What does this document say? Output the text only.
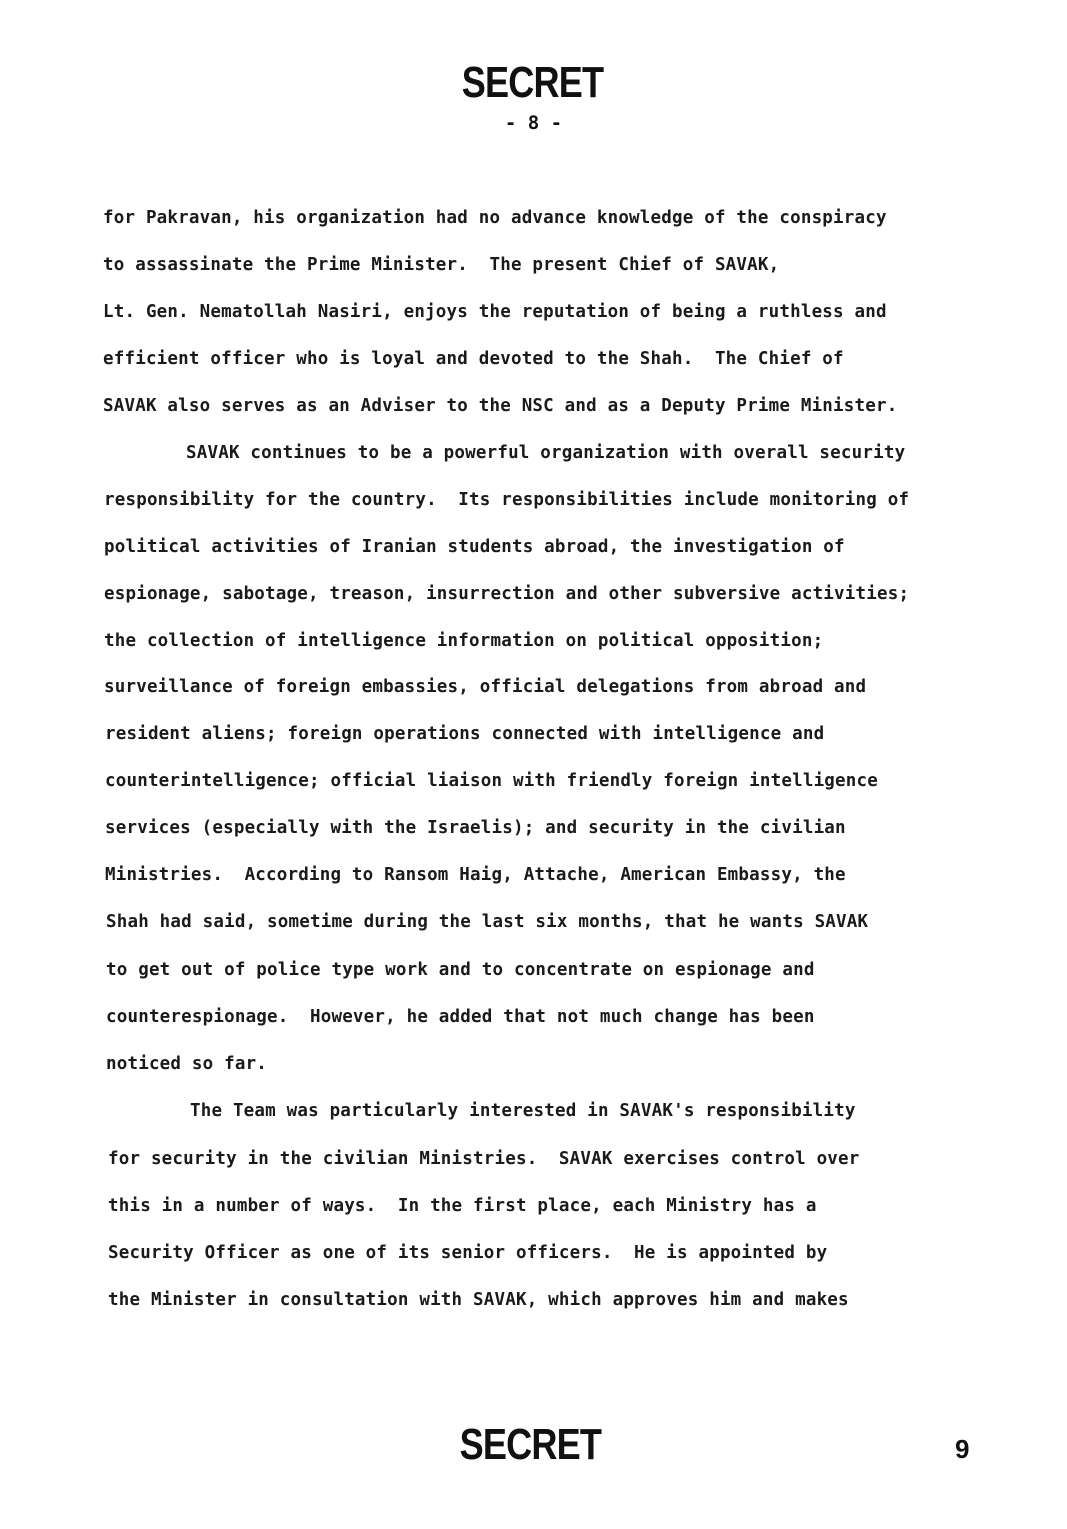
SECRET
- 8 -
for Pakravan, his organization had no advance knowledge of the conspiracy
to assassinate the Prime Minister.  The present Chief of SAVAK,
Lt. Gen. Nematollah Nasiri, enjoys the reputation of being a ruthless and
efficient officer who is loyal and devoted to the Shah.  The Chief of
SAVAK also serves as an Adviser to the NSC and as a Deputy Prime Minister.
SAVAK continues to be a powerful organization with overall security
responsibility for the country.  Its responsibilities include monitoring of
political activities of Iranian students abroad, the investigation of
espionage, sabotage, treason, insurrection and other subversive activities;
the collection of intelligence information on political opposition;
surveillance of foreign embassies, official delegations from abroad and
resident aliens; foreign operations connected with intelligence and
counterintelligence; official liaison with friendly foreign intelligence
services (especially with the Israelis); and security in the civilian
Ministries.  According to Ransom Haig, Attache, American Embassy, the
Shah had said, sometime during the last six months, that he wants SAVAK
to get out of police type work and to concentrate on espionage and
counterespionage.  However, he added that not much change has been
noticed so far.
The Team was particularly interested in SAVAK's responsibility
for security in the civilian Ministries.  SAVAK exercises control over
this in a number of ways.  In the first place, each Ministry has a
Security Officer as one of its senior officers.  He is appointed by
the Minister in consultation with SAVAK, which approves him and makes
SECRET	9
